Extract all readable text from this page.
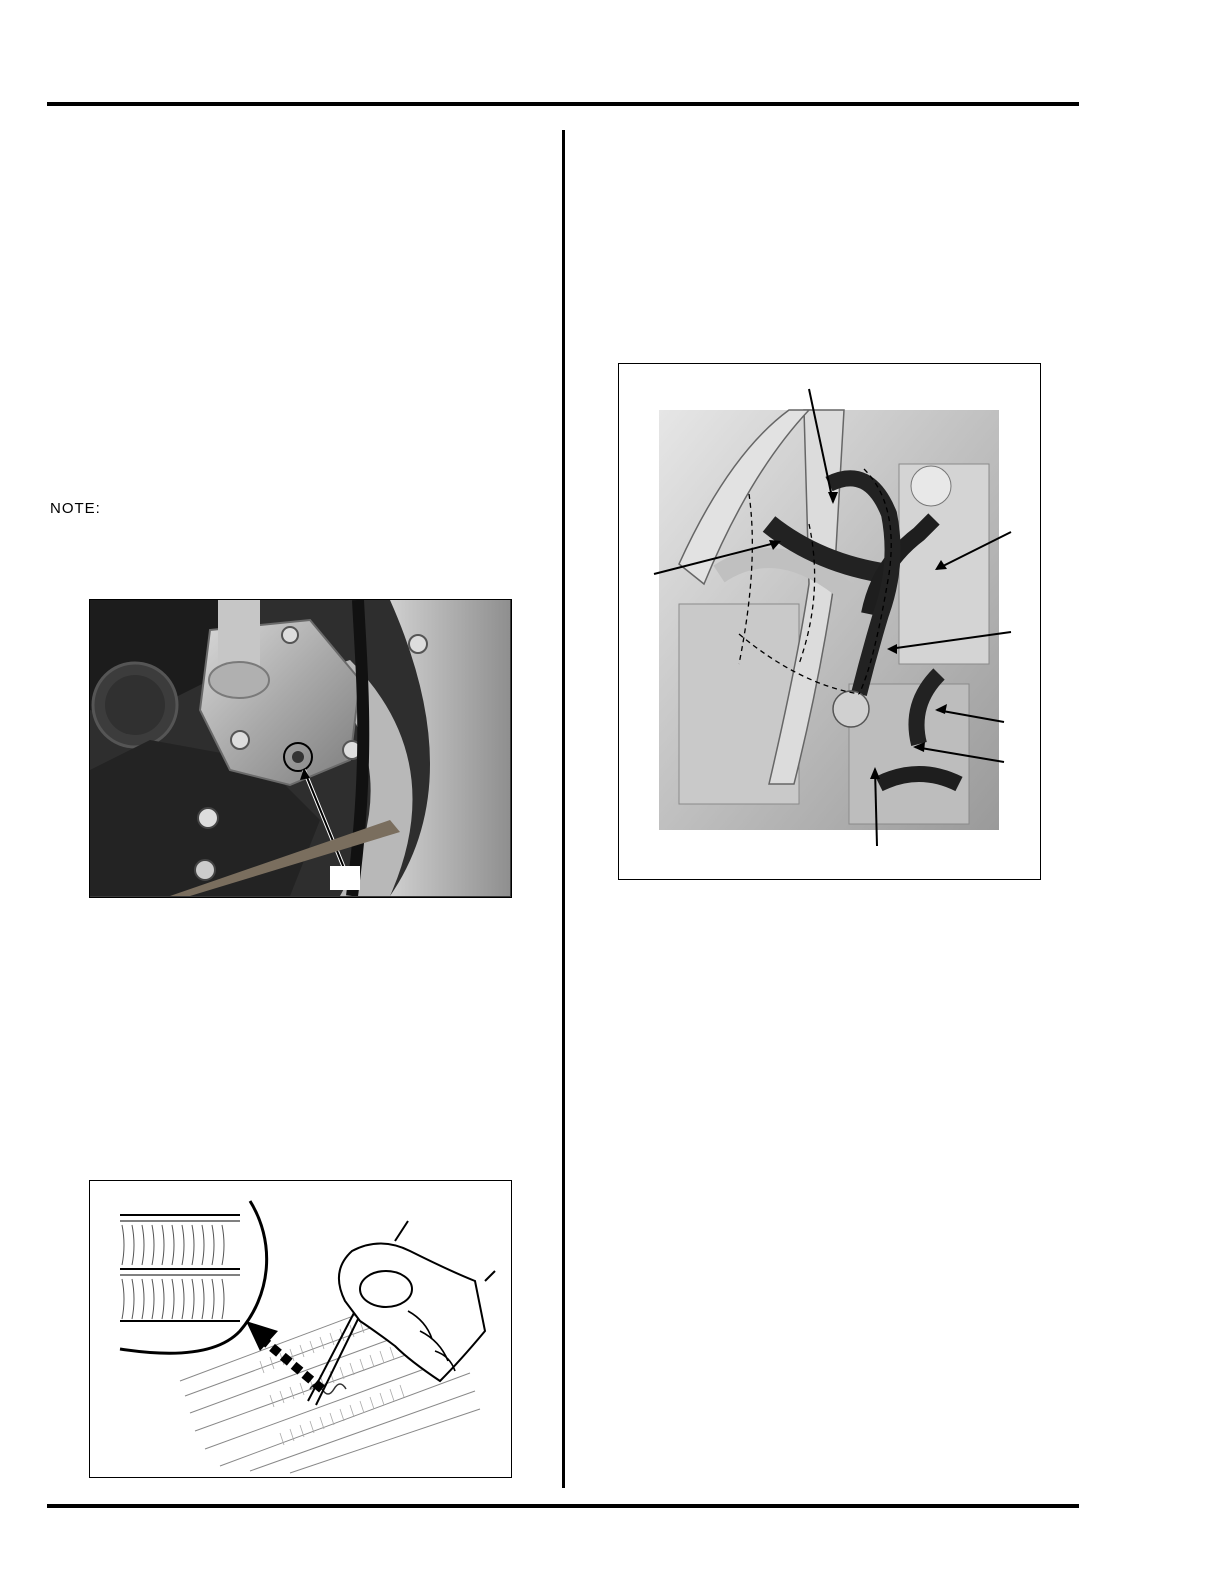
NOTE:
